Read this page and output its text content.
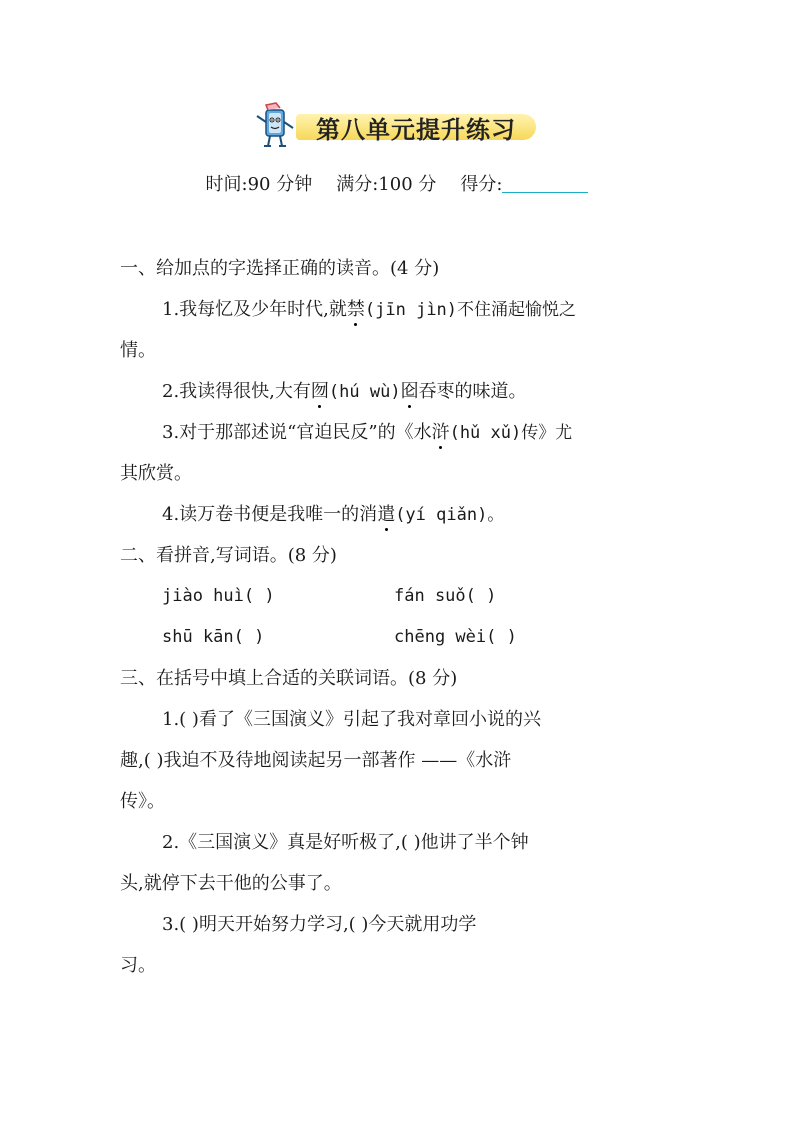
第八单元提升练习
时间:90 分钟 满分:100 分 得分:
一、给加点的字选择正确的读音。(4 分)
1.我每忆及少年时代,就禁(jīn jìn)不住涌起愉悦之
情。
2.我读得很快,大有囫(hú wù)囵吞枣的味道。
3.对于那部述说“官迫民反”的《水浒(hǔ xǔ)传》尤
其欣赏。
4.读万卷书便是我唯一的消遣(yí qiǎn)。
二、看拼音,写词语。(8 分)
jiào huì( )	fán suǒ( )
shū kān( )	chēng wèi( )
三、在括号中填上合适的关联词语。(8 分)
1.( )看了《三国演义》引起了我对章回小说的兴
趣,( )我迫不及待地阅读起另一部著作 ——《水浒
传》。
2.《三国演义》真是好听极了,( )他讲了半个钟
头,就停下去干他的公事了。
3.( )明天开始努力学习,( )今天就用功学
习。
